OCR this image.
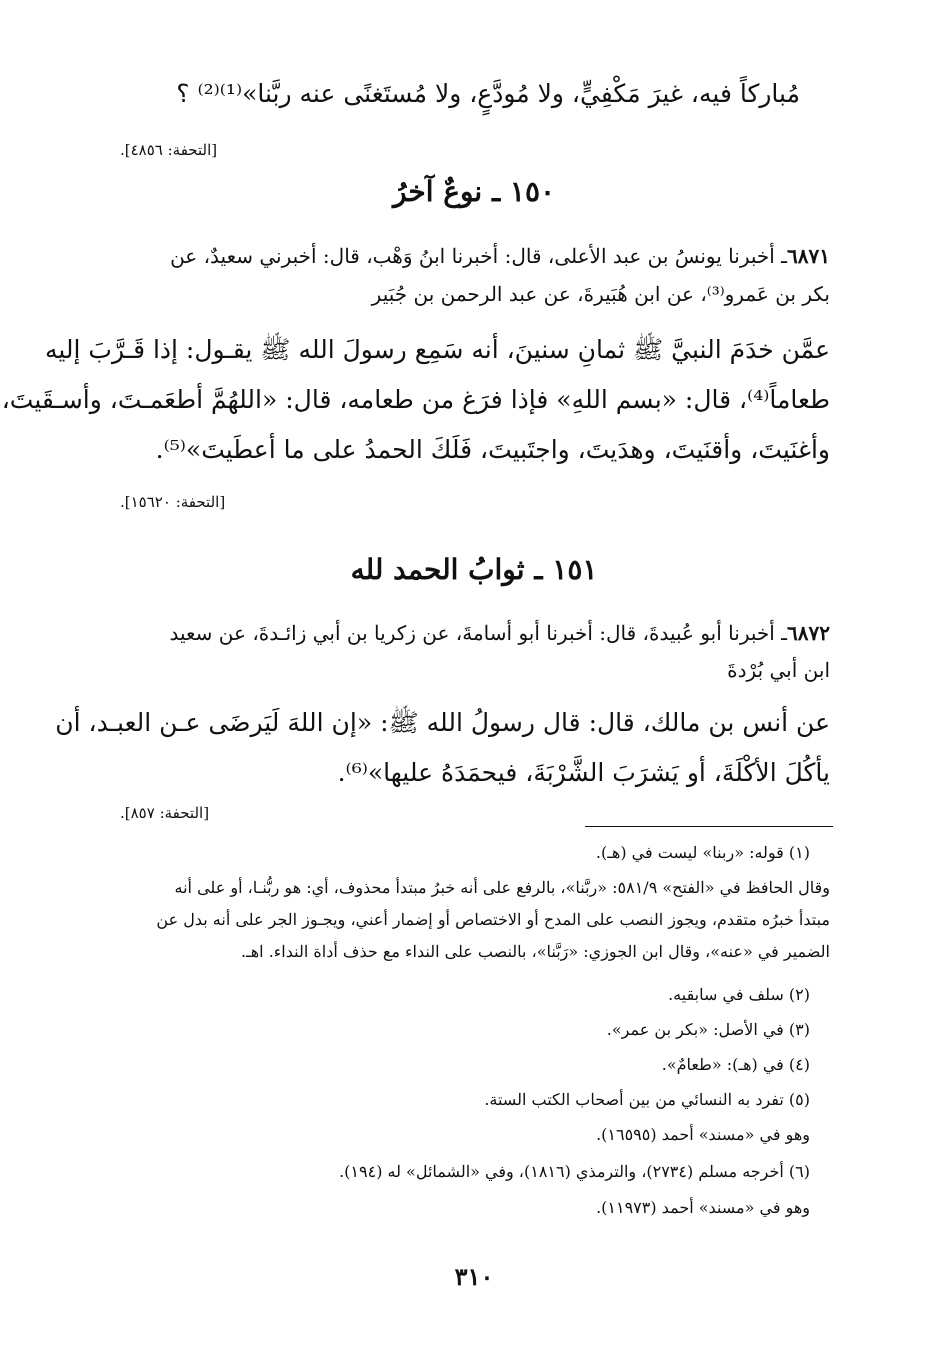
مُباركاً فيه، غيرَ مَكْفِيٍّ، ولا مُودَّعٍ، ولا مُستَغنًى عنه ربَّنا»⁽¹⁾⁽²⁾ ؟
[التحفة: ٤٨٥٦].
١٥٠ ـ نوعٌ آخرُ
٦٨٧١ـ أخبرنا يونسُ بن عبد الأعلى، قال: أخبرنا ابنُ وَهْب، قال: أخبرني سعيدٌ، عن
بكر بن عَمرو⁽³⁾، عن ابن هُبَيرةَ، عن عبد الرحمن بن جُبَير
عمَّن خدَمَ النبيَّ ﷺ ثمانِ سنينَ، أنه سَمِع رسولَ الله ﷺ يقـول: إذا قَـرَّبَ إليه
طعاماً⁽⁴⁾، قال: «بسم اللهِ» فإذا فرَغ من طعامه، قال: «اللهُمَّ أطعَمـتَ، وأسـقَيتَ،
وأغنَيتَ، وأقنَيتَ، وهدَيتَ، واجتَبيتَ، فَلَكَ الحمدُ على ما أعطَيتَ»⁽⁵⁾.
[التحفة: ١٥٦٢٠].
١٥١ ـ ثوابُ الحمد لله
٦٨٧٢ـ أخبرنا أبو عُبيدةَ، قال: أخبرنا أبو أسامةَ، عن زكريا بن أبي زائـدةَ، عن سعيد
ابن أبي بُرْدةَ
عن أنس بن مالك، قال: قال رسولُ الله ﷺ: «إن اللهَ لَيَرضَى عـن العبـد، أن
يأكُلَ الأكْلَةَ، أو يَشرَبَ الشَّرْبَةَ، فيحمَدَهُ عليها»⁽⁶⁾.
[التحفة: ٨٥٧].
(١) قوله: «ربنا» ليست في (هـ).
وقال الحافظ في «الفتح» ٥٨١/٩: «ربَّنا»، بالرفع على أنه خبرُ مبتدأ محذوف، أي: هو ربُّنـا، أو على أنه
مبتدأ خبرُه متقدم، ويجوز النصب على المدح أو الاختصاص أو إضمار أعني، ويجـوز الجر على أنه بدل عن
الضمير في «عنه»، وقال ابن الجوزي: «رَبَّنا»، بالنصب على النداء مع حذف أداة النداء. اهـ.
(٢) سلف في سابقيه.
(٣) في الأصل: «بكر بن عمر».
(٤) في (هـ): «طعامٌ».
(٥) تفرد به النسائي من بين أصحاب الكتب الستة.
وهو في «مسند» أحمد (١٦٥٩٥).
(٦) أخرجه مسلم (٢٧٣٤)، والترمذي (١٨١٦)، وفي «الشمائل» له (١٩٤).
وهو في «مسند» أحمد (١١٩٧٣).
٣١٠
